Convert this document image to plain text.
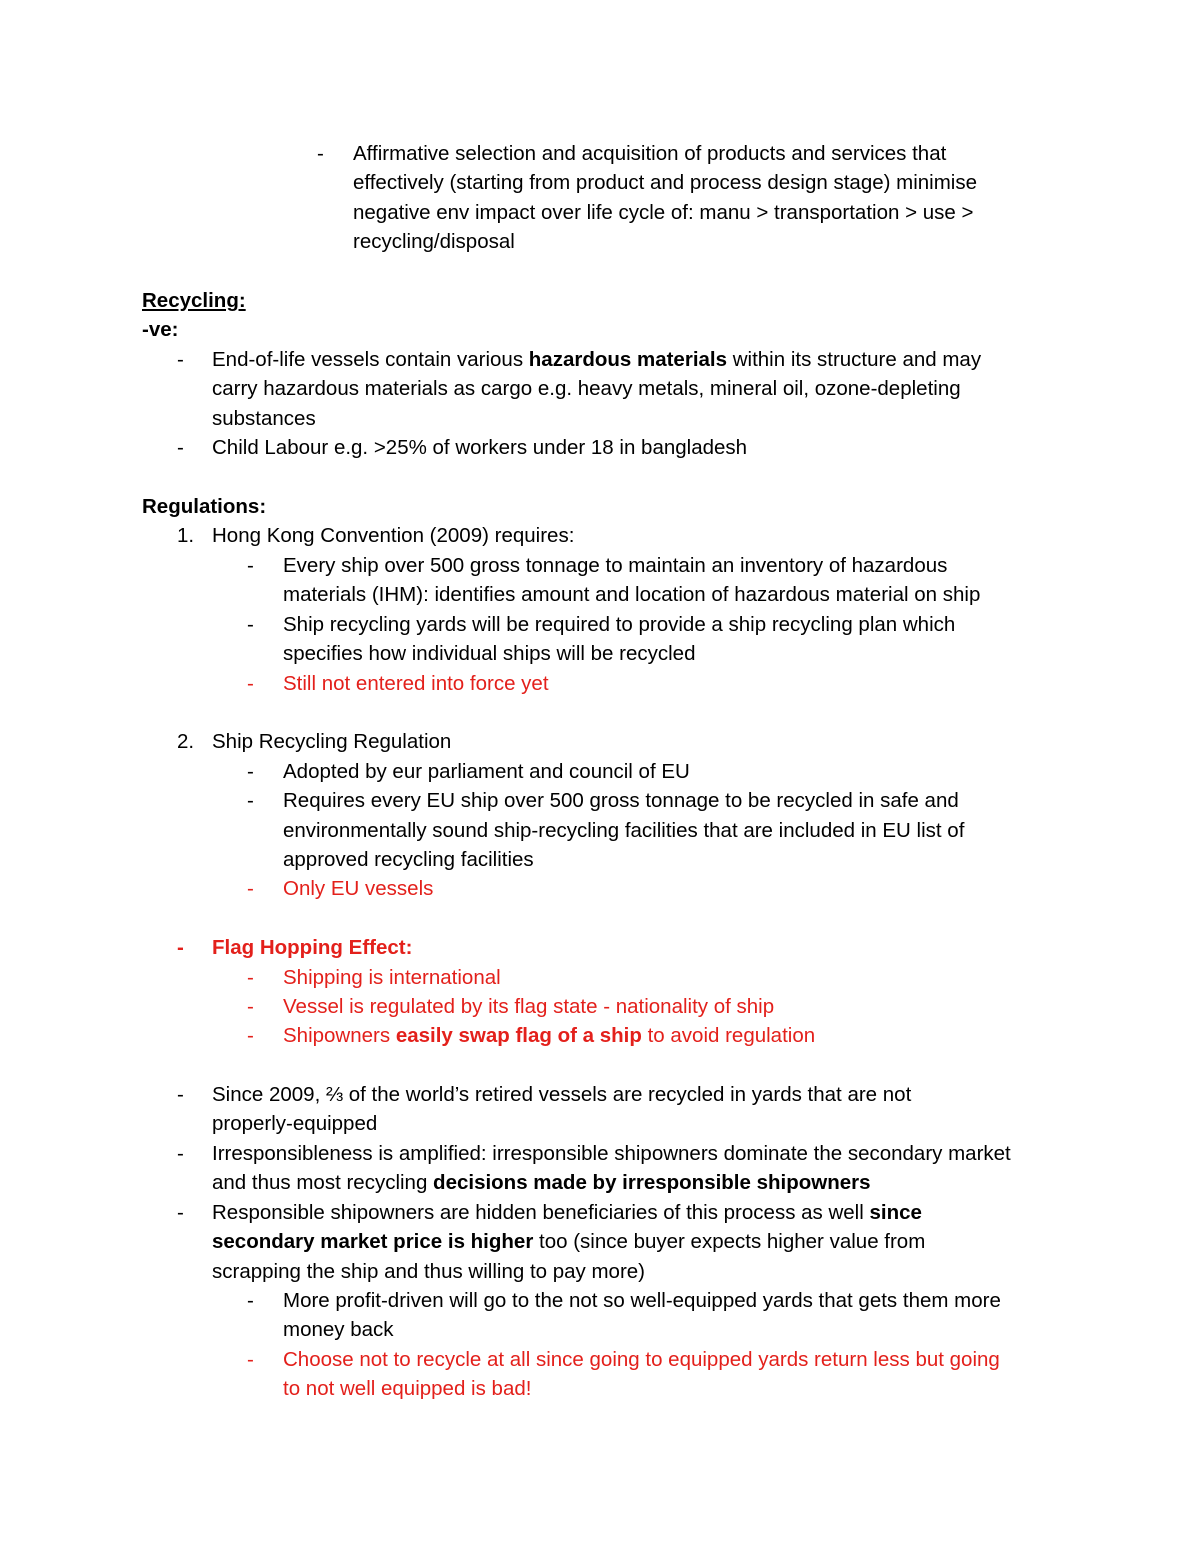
- Affirmative selection and acquisition of products and services that
effectively (starting from product and process design stage) minimise
negative env impact over life cycle of: manu > transportation > use >
recycling/disposal
Recycling:
-ve:
- End-of-life vessels contain various hazardous materials within its structure and may
carry hazardous materials as cargo e.g. heavy metals, mineral oil, ozone-depleting
substances
- Child Labour e.g. >25% of workers under 18 in bangladesh
Regulations:
1. Hong Kong Convention (2009) requires:
- Every ship over 500 gross tonnage to maintain an inventory of hazardous
materials (IHM): identifies amount and location of hazardous material on ship
- Ship recycling yards will be required to provide a ship recycling plan which
specifies how individual ships will be recycled
- Still not entered into force yet
2. Ship Recycling Regulation
- Adopted by eur parliament and council of EU
- Requires every EU ship over 500 gross tonnage to be recycled in safe and
environmentally sound ship-recycling facilities that are included in EU list of
approved recycling facilities
- Only EU vessels
- Flag Hopping Effect:
- Shipping is international
- Vessel is regulated by its flag state - nationality of ship
- Shipowners easily swap flag of a ship to avoid regulation
- Since 2009, ⅔ of the world’s retired vessels are recycled in yards that are not
properly-equipped
- Irresponsibleness is amplified: irresponsible shipowners dominate the secondary market
and thus most recycling decisions made by irresponsible shipowners
- Responsible shipowners are hidden beneficiaries of this process as well since
secondary market price is higher too (since buyer expects higher value from
scrapping the ship and thus willing to pay more)
- More profit-driven will go to the not so well-equipped yards that gets them more
money back
- Choose not to recycle at all since going to equipped yards return less but going
to not well equipped is bad!
